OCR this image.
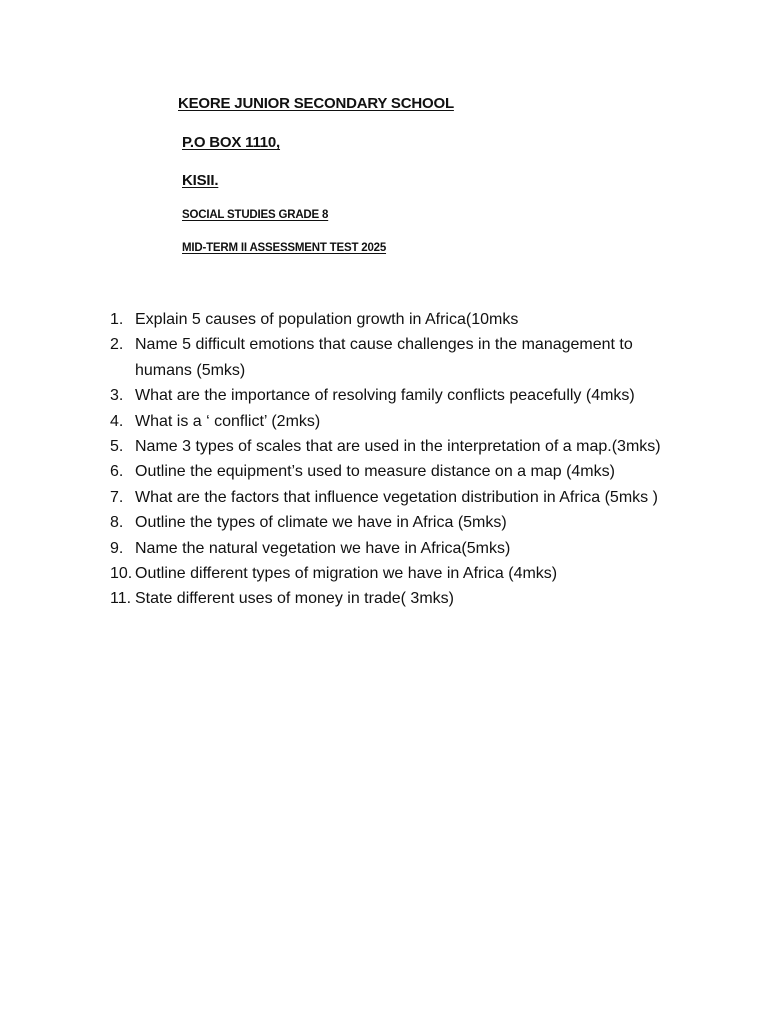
KEORE JUNIOR SECONDARY SCHOOL
P.O BOX 1110,
KISII.
SOCIAL STUDIES GRADE 8
MID-TERM II ASSESSMENT TEST 2025
1. Explain 5 causes of population growth in Africa(10mks
2. Name 5 difficult emotions that cause challenges in the management to humans (5mks)
3. What are the importance of resolving family conflicts peacefully (4mks)
4. What is a ‘ conflict’ (2mks)
5. Name 3 types of scales that are used in the interpretation of a map.(3mks)
6. Outline the equipment’s used to measure distance on a map (4mks)
7. What are the factors that influence vegetation distribution in Africa (5mks )
8. Outline the types of climate we have in Africa (5mks)
9. Name the natural vegetation we have in Africa(5mks)
10. Outline different types of migration we have in Africa (4mks)
11. State different uses of money in trade( 3mks)
